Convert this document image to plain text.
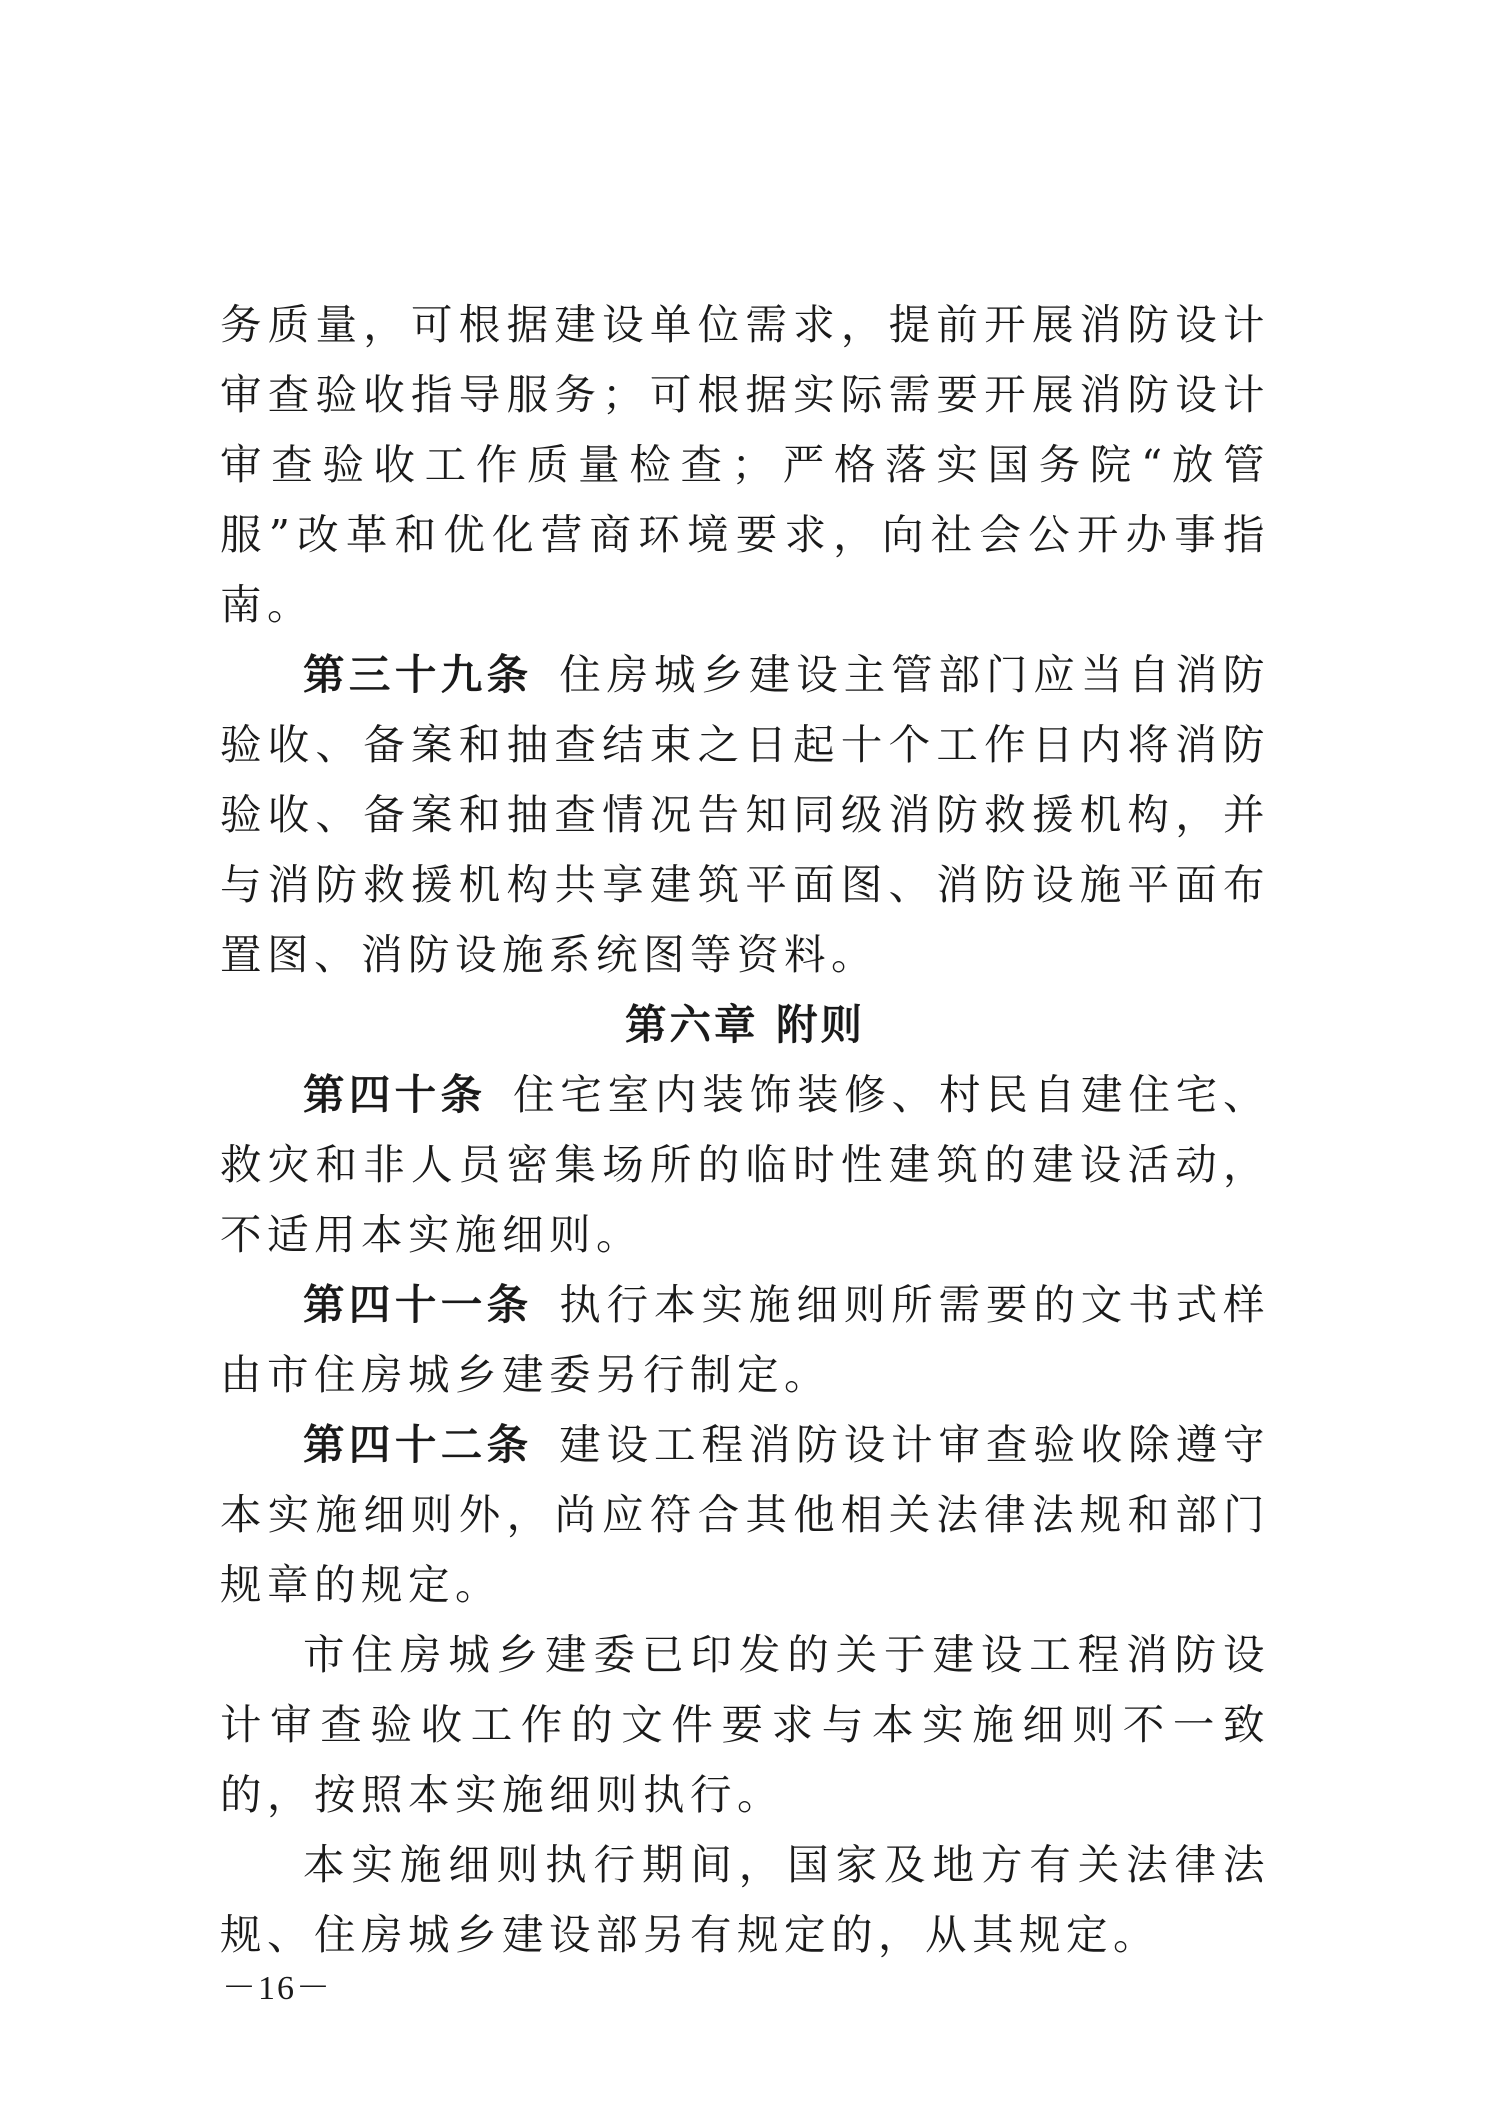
务质量，可根据建设单位需求，提前开展消防设计审查验收指导服务；可根据实际需要开展消防设计审查验收工作质量检查；严格落实国务院“放管服”改革和优化营商环境要求，向社会公开办事指南。

第三十九条  住房城乡建设主管部门应当自消防验收、备案和抽查结束之日起十个工作日内将消防验收、备案和抽查情况告知同级消防救援机构，并与消防救援机构共享建筑平面图、消防设施平面布置图、消防设施系统图等资料。

第六章 附则

第四十条  住宅室内装饰装修、村民自建住宅、救灾和非人员密集场所的临时性建筑的建设活动，不适用本实施细则。

第四十一条  执行本实施细则所需要的文书式样由市住房城乡建委另行制定。

第四十二条  建设工程消防设计审查验收除遵守本实施细则外，尚应符合其他相关法律法规和部门规章的规定。

市住房城乡建委已印发的关于建设工程消防设计审查验收工作的文件要求与本实施细则不一致的，按照本实施细则执行。

本实施细则执行期间，国家及地方有关法律法规、住房城乡建设部另有规定的，从其规定。

－16－
